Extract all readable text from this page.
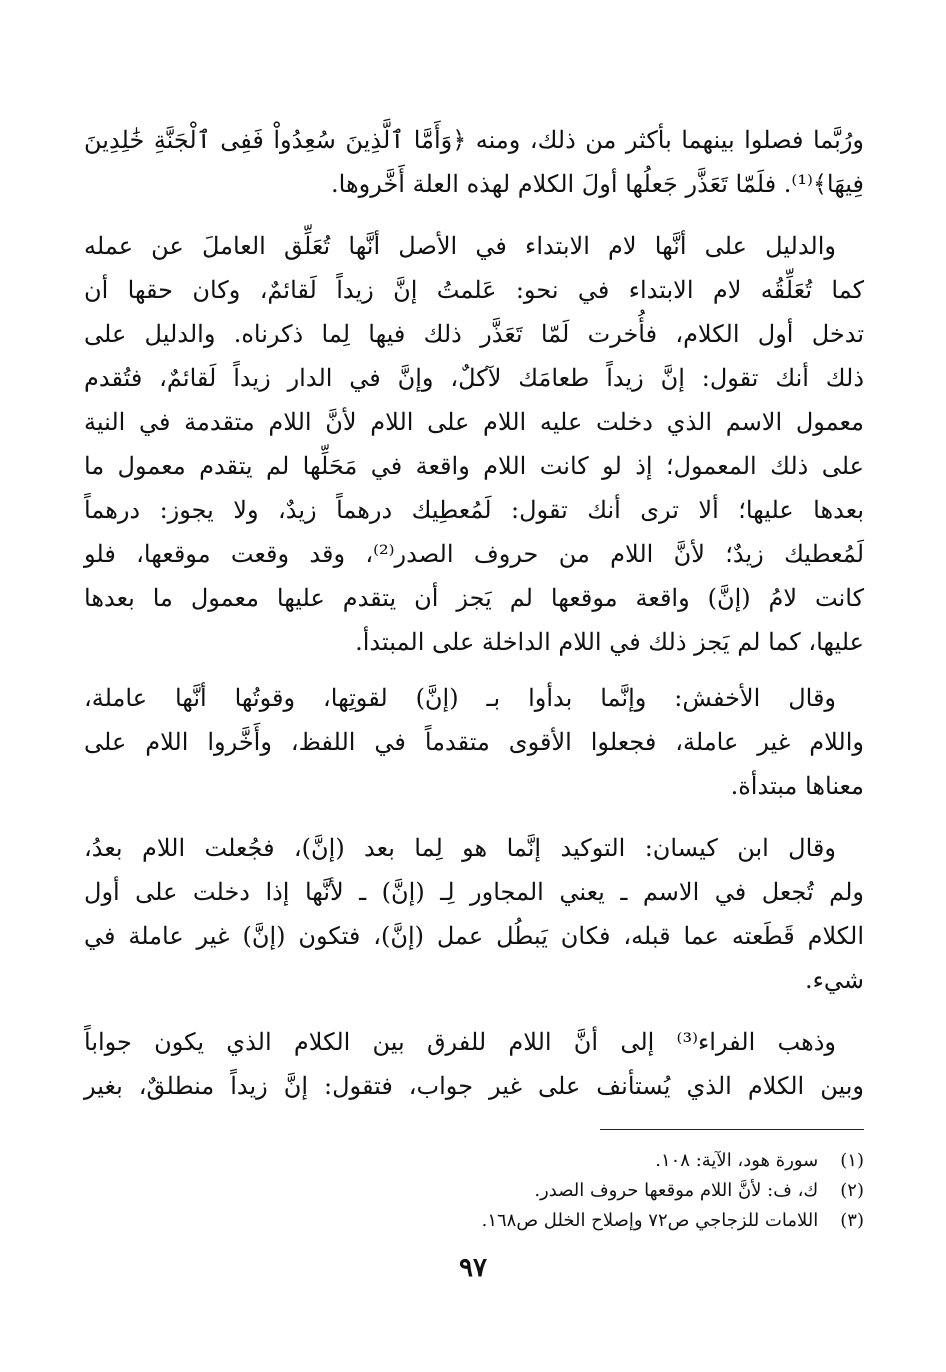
ورُبَّما فصلوا بينهما بأكثر من ذلك، ومنه ﴿وَأَمَّا ٱلَّذِينَ سُعِدُواْ فَفِى ٱلْجَنَّةِ خَٰلِدِينَ
فِيهَا﴾⁽¹⁾. فلَمّا تَعَذَّر جَعلُها أولَ الكلام لهذه العلة أَخَّروها.
والدليل على أنَّها لام الابتداء في الأصل أنَّها تُعَلِّق العاملَ عن عمله
كما تُعَلِّقُه لام الابتداء في نحو: عَلمتُ إنَّ زيداً لَقائمٌ، وكان حقها أن
تدخل أول الكلام، فأُخرت لَمّا تَعَذَّر ذلك فيها لِما ذكرناه. والدليل على
ذلك أنك تقول: إنَّ زيداً طعامَك لآكلٌ، وإنَّ في الدار زيداً لَقائمٌ، فتُقدم
معمول الاسم الذي دخلت عليه اللام على اللام لأنَّ اللام متقدمة في النية
على ذلك المعمول؛ إذ لو كانت اللام واقعة في مَحَلِّها لم يتقدم معمول ما
بعدها عليها؛ ألا ترى أنك تقول: لَمُعطِيك درهماً زيدٌ، ولا يجوز: درهماً
لَمُعطيك زيدٌ؛ لأنَّ اللام من حروف الصدر⁽²⁾، وقد وقعت موقعها، فلو
كانت لامُ (إنَّ) واقعة موقعها لم يَجز أن يتقدم عليها معمول ما بعدها
عليها، كما لم يَجز ذلك في اللام الداخلة على المبتدأ.
وقال الأخفش: وإنَّما بدأوا بـ (إنَّ) لقوتِها، وقوتُها أنَّها عاملة،
واللام غير عاملة، فجعلوا الأقوى متقدماً في اللفظ، وأَخَّروا اللام على
معناها مبتدأة.
وقال ابن كيسان: التوكيد إنَّما هو لِما بعد (إنَّ)، فجُعلت اللام بعدُ،
ولم تُجعل في الاسم ـ يعني المجاور لِـ (إنَّ) ـ لأنَّها إذا دخلت على أول
الكلام قَطَعته عما قبله، فكان يَبطُل عمل (إنَّ)، فتكون (إنَّ) غير عاملة في
شيء.
وذهب الفراء⁽³⁾ إلى أنَّ اللام للفرق بين الكلام الذي يكون جواباً
وبين الكلام الذي يُستأنف على غير جواب، فتقول: إنَّ زيداً منطلقٌ، بغير
(١) سورة هود، الآية: ١٠٨.
(٢) ك، ف: لأنَّ اللام موقعها حروف الصدر.
(٣) اللامات للزجاجي ص٧٢ وإصلاح الخلل ص١٦٨.
٩٧
